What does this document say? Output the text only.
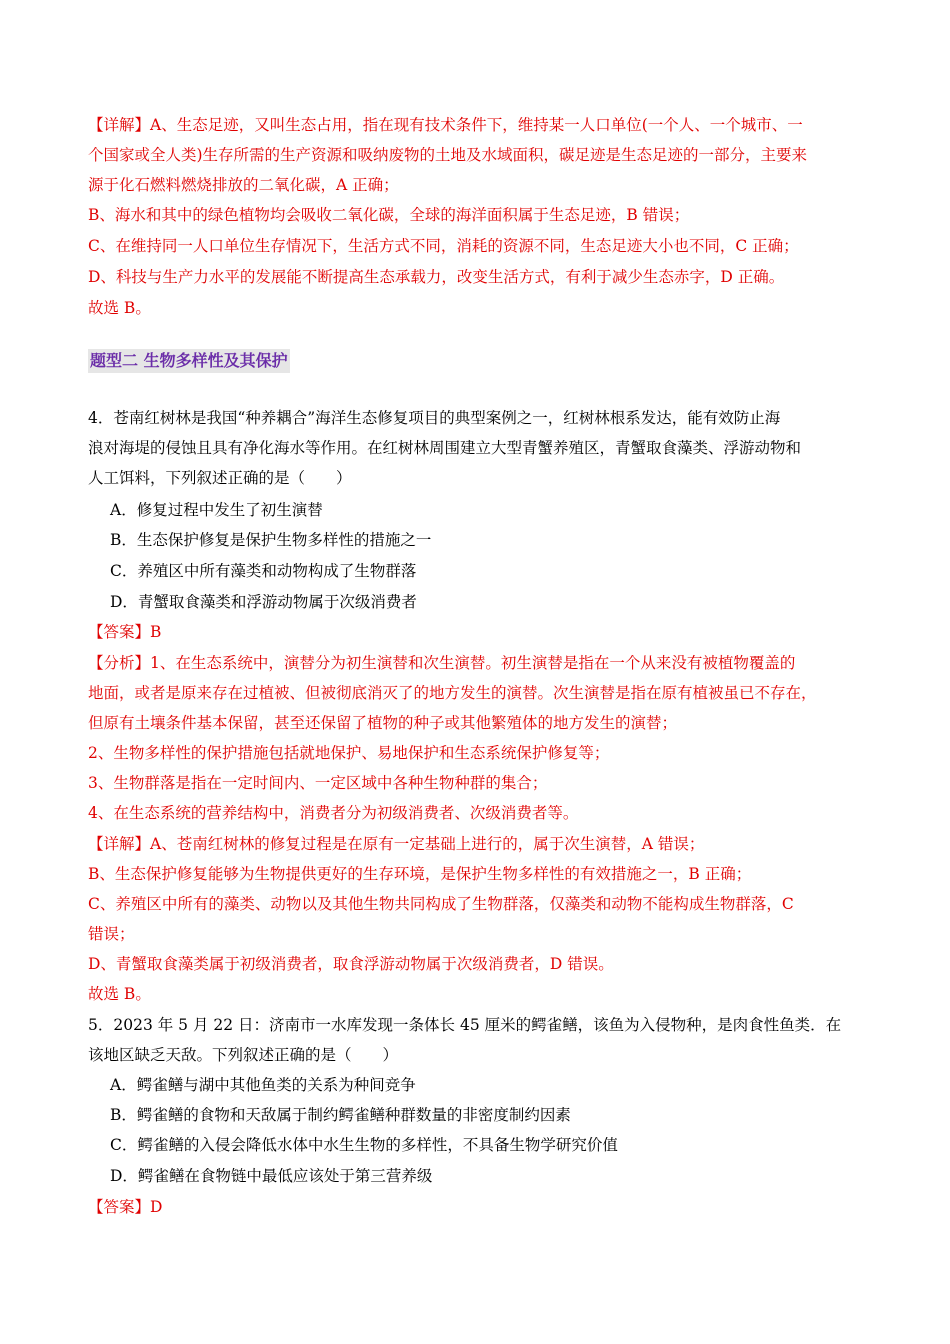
【详解】A、生态足迹，又叫生态占用，指在现有技术条件下，维持某一人口单位(一个人、一个城市、一
个国家或全人类)生存所需的生产资源和吸纳废物的土地及水域面积，碳足迹是生态足迹的一部分，主要来
源于化石燃料燃烧排放的二氧化碳，A 正确；
B、海水和其中的绿色植物均会吸收二氧化碳，全球的海洋面积属于生态足迹，B 错误；
C、在维持同一人口单位生存情况下，生活方式不同，消耗的资源不同，生态足迹大小也不同，C 正确；
D、科技与生产力水平的发展能不断提高生态承载力，改变生活方式，有利于减少生态赤字，D 正确。
故选 B。
题型二 生物多样性及其保护
4．苍南红树林是我国“种养耦合”海洋生态修复项目的典型案例之一，红树林根系发达，能有效防止海
浪对海堤的侵蚀且具有净化海水等作用。在红树林周围建立大型青蟹养殖区，青蟹取食藻类、浮游动物和
人工饵料，下列叙述正确的是（　　）
A．修复过程中发生了初生演替
B．生态保护修复是保护生物多样性的措施之一
C．养殖区中所有藻类和动物构成了生物群落
D．青蟹取食藻类和浮游动物属于次级消费者
【答案】B
【分析】1、在生态系统中，演替分为初生演替和次生演替。初生演替是指在一个从来没有被植物覆盖的
地面，或者是原来存在过植被、但被彻底消灭了的地方发生的演替。次生演替是指在原有植被虽已不存在，
但原有土壤条件基本保留，甚至还保留了植物的种子或其他繁殖体的地方发生的演替；
2、生物多样性的保护措施包括就地保护、易地保护和生态系统保护修复等；
3、生物群落是指在一定时间内、一定区域中各种生物种群的集合；
4、在生态系统的营养结构中，消费者分为初级消费者、次级消费者等。
【详解】A、苍南红树林的修复过程是在原有一定基础上进行的，属于次生演替，A 错误；
B、生态保护修复能够为生物提供更好的生存环境，是保护生物多样性的有效措施之一，B 正确；
C、养殖区中所有的藻类、动物以及其他生物共同构成了生物群落，仅藻类和动物不能构成生物群落，C
错误；
D、青蟹取食藻类属于初级消费者，取食浮游动物属于次级消费者，D 错误。
故选 B。
5．2023 年 5 月 22 日：济南市一水库发现一条体长 45 厘米的鳄雀鳝，该鱼为入侵物种，是肉食性鱼类．在
该地区缺乏天敌。下列叙述正确的是（　　）
A．鳄雀鳝与湖中其他鱼类的关系为种间竞争
B．鳄雀鳝的食物和天敌属于制约鳄雀鳝种群数量的非密度制约因素
C．鳄雀鳝的入侵会降低水体中水生生物的多样性，不具备生物学研究价值
D．鳄雀鳝在食物链中最低应该处于第三营养级
【答案】D
